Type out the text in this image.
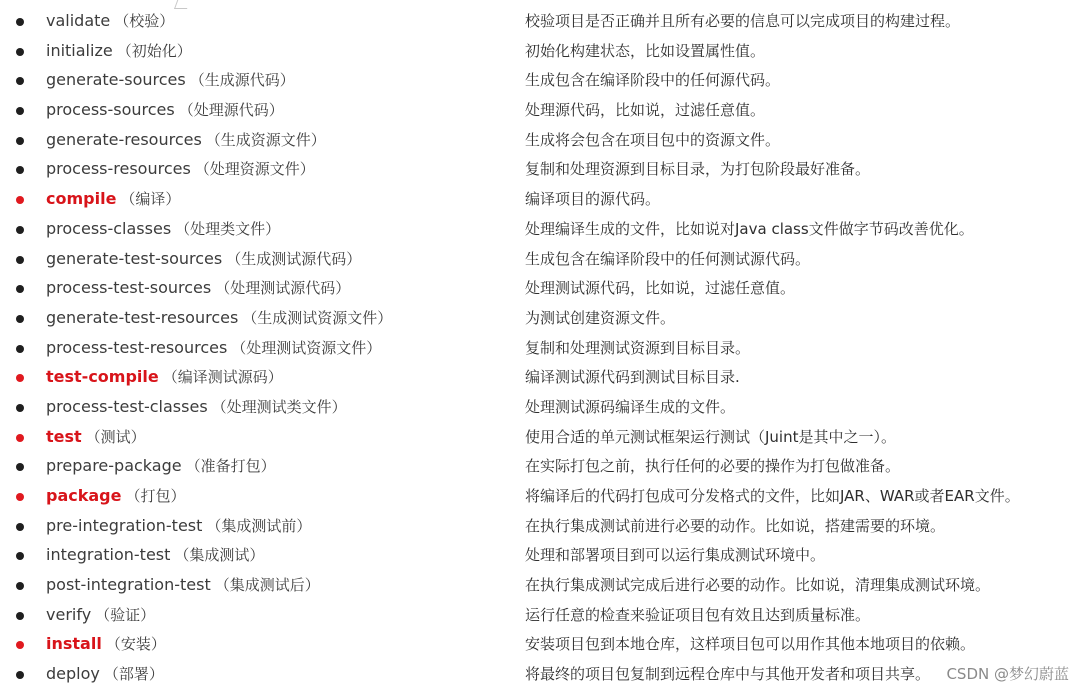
validate （校验）	校验项目是否正确并且所有必要的信息可以完成项目的构建过程。
initialize （初始化）	初始化构建状态，比如设置属性值。
generate-sources （生成源代码）	生成包含在编译阶段中的任何源代码。
process-sources （处理源代码）	处理源代码，比如说，过滤任意值。
generate-resources （生成资源文件）	生成将会包含在项目包中的资源文件。
process-resources （处理资源文件）	复制和处理资源到目标目录，为打包阶段最好准备。
compile （编译）	编译项目的源代码。
process-classes （处理类文件）	处理编译生成的文件，比如说对Java class文件做字节码改善优化。
generate-test-sources （生成测试源代码）	生成包含在编译阶段中的任何测试源代码。
process-test-sources （处理测试源代码）	处理测试源代码，比如说，过滤任意值。
generate-test-resources （生成测试资源文件）	为测试创建资源文件。
process-test-resources （处理测试资源文件）	复制和处理测试资源到目标目录。
test-compile （编译测试源码）	编译测试源代码到测试目标目录.
process-test-classes （处理测试类文件）	处理测试源码编译生成的文件。
test （测试）	使用合适的单元测试框架运行测试（Juint是其中之一）。
prepare-package （准备打包）	在实际打包之前，执行任何的必要的操作为打包做准备。
package （打包）	将编译后的代码打包成可分发格式的文件，比如JAR、WAR或者EAR文件。
pre-integration-test （集成测试前）	在执行集成测试前进行必要的动作。比如说，搭建需要的环境。
integration-test （集成测试）	处理和部署项目到可以运行集成测试环境中。
post-integration-test （集成测试后）	在执行集成测试完成后进行必要的动作。比如说，清理集成测试环境。
verify （验证）	运行任意的检查来验证项目包有效且达到质量标准。
install （安装）	安装项目包到本地仓库，这样项目包可以用作其他本地项目的依赖。
deploy （部署）	将最终的项目包复制到远程仓库中与其他开发者和项目共享。 CSDN @梦幻蔚蓝
